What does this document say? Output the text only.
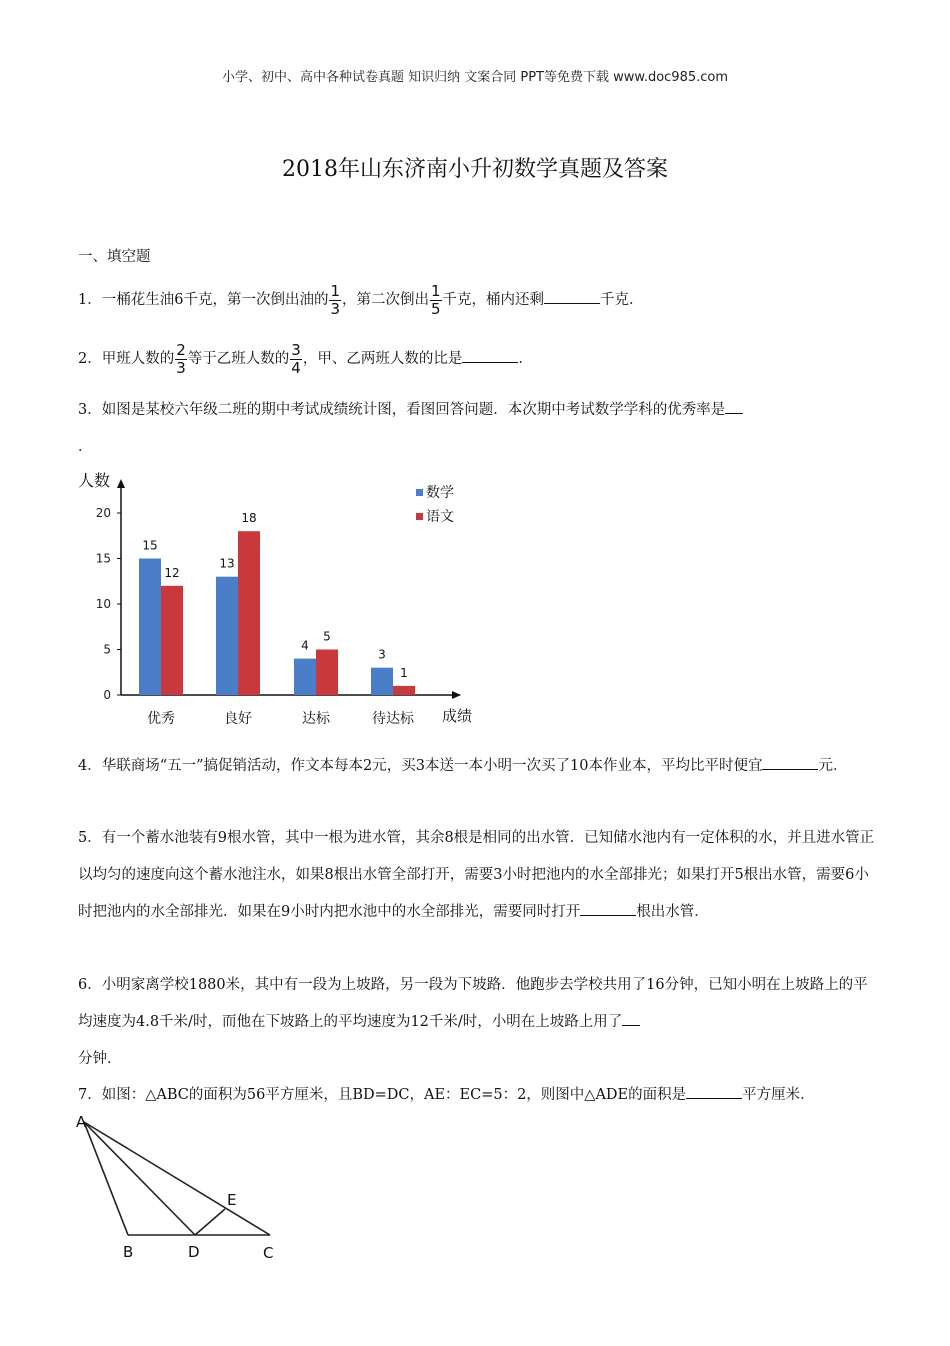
小学、初中、高中各种试卷真题 知识归纳 文案合同 PPT等免费下载 www.doc985.com
2018年山东济南小升初数学真题及答案
一、填空题
1．一桶花生油6千克，第一次倒出油的 $\frac{1}{3}$ ，第二次倒出 $\frac{1}{5}$ 千克，桶内还剩	千克．
2．甲班人数的 $\frac{2}{3}$ 等于乙班人数的 $\frac{3}{4}$ ，甲、乙两班人数的比是	．
3．如图是某校六年级二班的期中考试成绩统计图，看图回答问题．本次期中考试数学学科的优秀率是
．
人数
成绩
0
5
10
15
20
15
12
优秀
13
18
良好
4
5
达标
3
1
待达标
数学
语文
4．华联商场“五一”搞促销活动，作文本每本2元，买3本送一本小明一次买了10本作业本，平均比平时便宜	元．
5．有一个蓄水池装有9根水管，其中一根为进水管，其余8根是相同的出水管．已知储水池内有一定体积的水，并且进水管正以均匀的速度向这个蓄水池注水，如果8根出水管全部打开，需要3小时把池内的水全部排光；如果打开5根出水管，需要6小时把池内的水全部排光．如果在9小时内把水池中的水全部排光，需要同时打开	根出水管．
6．小明家离学校1880米，其中有一段为上坡路，另一段为下坡路．他跑步去学校共用了16分钟，已知小明在上坡路上的平均速度为4.8千米/时，而他在下坡路上的平均速度为12千米/时，小明在上坡路上用了
分钟．
7．如图：△ABC的面积为56平方厘米，且BD=DC，AE：EC=5：2，则图中△ADE的面积是	平方厘米．
A
B	C
D
E
